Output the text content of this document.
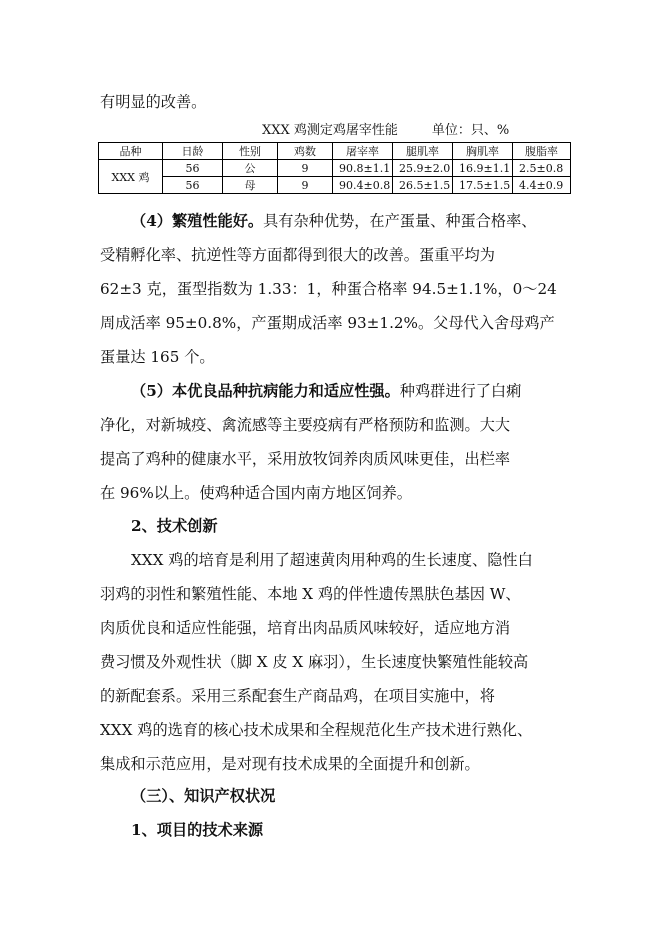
有明显的改善。
XXX 鸡测定鸡屠宰性能	单位：只、%
品种	日龄	性别	鸡数	屠宰率	腿肌率	胸肌率	腹脂率
XXX 鸡	56	公	9	90.8±1.1	25.9±2.0	16.9±1.1	2.5±0.8
	56	母	9	90.4±0.8	26.5±1.5	17.5±1.5	4.4±0.9
（4）繁殖性能好。具有杂种优势，在产蛋量、种蛋合格率、
受精孵化率、抗逆性等方面都得到很大的改善。蛋重平均为
62±3 克，蛋型指数为 1.33：1，种蛋合格率 94.5±1.1%，0～24
周成活率 95±0.8%，产蛋期成活率 93±1.2%。父母代入舍母鸡产
蛋量达 165 个。
（5）本优良品种抗病能力和适应性强。种鸡群进行了白痢
净化，对新城疫、禽流感等主要疫病有严格预防和监测。大大
提高了鸡种的健康水平，采用放牧饲养肉质风味更佳，出栏率
在 96%以上。使鸡种适合国内南方地区饲养。
2、技术创新
XXX 鸡的培育是利用了超速黄肉用种鸡的生长速度、隐性白
羽鸡的羽性和繁殖性能、本地 X 鸡的伴性遗传黑肤色基因 W、
肉质优良和适应性能强，培育出肉品质风味较好，适应地方消
费习惯及外观性状（脚 X 皮 X 麻羽），生长速度快繁殖性能较高
的新配套系。采用三系配套生产商品鸡，在项目实施中，将
XXX 鸡的选育的核心技术成果和全程规范化生产技术进行熟化、
集成和示范应用，是对现有技术成果的全面提升和创新。
（三）、知识产权状况
1、项目的技术来源
